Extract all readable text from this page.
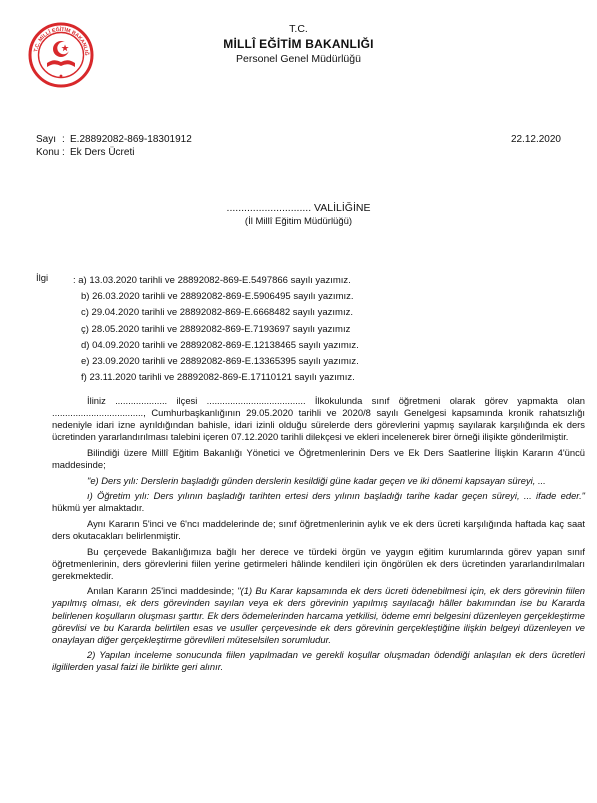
T.C. MİLLÎ EĞİTİM BAKANLIĞ
T.C.
MİLLÎ EĞİTİM BAKANLIĞI
Personel Genel Müdürlüğü
Sayı : E.28892082-869-18301912
Konu : Ek Ders Ücreti
22.12.2020
............................. VALİLİĞİNE
(İl Millî Eğitim Müdürlüğü)
İlgi	: a) 13.03.2020 tarihli ve 28892082-869-E.5497866 sayılı yazımız.
b) 26.03.2020 tarihli ve 28892082-869-E.5906495 sayılı yazımız.
c) 29.04.2020 tarihli ve 28892082-869-E.6668482 sayılı yazımız.
ç) 28.05.2020 tarihli ve 28892082-869-E.7193697 sayılı yazımız
d) 04.09.2020 tarihli ve 28892082-869-E.12138465 sayılı yazımız.
e) 23.09.2020 tarihli ve 28892082-869-E.13365395 sayılı yazımız.
f) 23.11.2020 tarihli ve 28892082-869-E.17110121 sayılı yazımız.

İliniz .................... ilçesi ...................................... İlkokulunda sınıf öğretmeni olarak görev yapmakta olan ..................................., Cumhurbaşkanlığının 29.05.2020 tarihli ve 2020/8 sayılı Genelgesi kapsamında kronik rahatsızlığı nedeniyle idari izne ayrıldığından bahisle, idari izinli olduğu sürelerde ders görevlerini yapmış sayılarak karşılığında ek ders ücretinden yararlandırılması talebini içeren 07.12.2020 tarihli dilekçesi ve ekleri incelenerek birer örneği ilişikte gönderilmiştir.

Bilindiği üzere Millî Eğitim Bakanlığı Yönetici ve Öğretmenlerinin Ders ve Ek Ders Saatlerine İlişkin Kararın 4'üncü maddesinde;

"e) Ders yılı: Derslerin başladığı günden derslerin kesildiği güne kadar geçen ve iki dönemi kapsayan süreyi, ...

ı) Öğretim yılı: Ders yılının başladığı tarihten ertesi ders yılının başladığı tarihe kadar geçen süreyi, ... ifade eder." hükmü yer almaktadır.

Aynı Kararın 5'inci ve 6'ncı maddelerinde de; sınıf öğretmenlerinin aylık ve ek ders ücreti karşılığında haftada kaç saat ders okutacakları belirlenmiştir.

Bu çerçevede Bakanlığımıza bağlı her derece ve türdeki örgün ve yaygın eğitim kurumlarında görev yapan sınıf öğretmenlerinin, ders görevlerini fiilen yerine getirmeleri hâlinde kendileri için öngörülen ek ders ücretinden yararlandırılmaları gerekmektedir.

Anılan Kararın 25'inci maddesinde; "(1) Bu Karar kapsamında ek ders ücreti ödenebilmesi için, ek ders görevinin fiilen yapılmış olması, ek ders görevinden sayılan veya ek ders görevinin yapılmış sayılacağı hâller bakımından ise bu Kararda belirlenen koşulların oluşması şarttır. Ek ders ödemelerinden harcama yetkilisi, ödeme emri belgesini düzenleyen gerçekleştirme görevlisi ve bu Kararda belirtilen esas ve usuller çerçevesinde ek ders görevinin gerçekleştiğine ilişkin belgeyi düzenleyen ve onaylayan diğer gerçekleştirme görevlileri müteselsilen sorumludur.

2) Yapılan inceleme sonucunda fiilen yapılmadan ve gerekli koşullar oluşmadan ödendiği anlaşılan ek ders ücretleri ilgililerden yasal faizi ile birlikte geri alınır.
